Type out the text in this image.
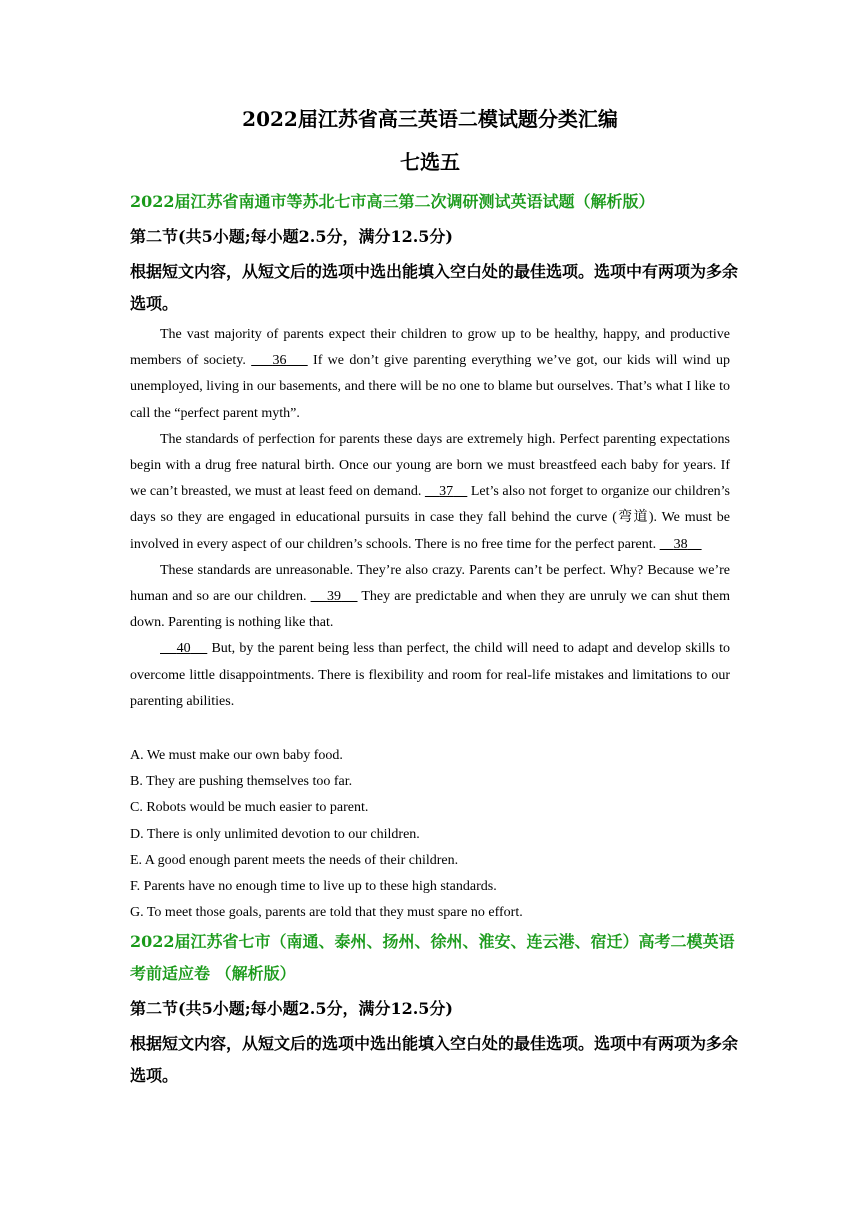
2022届江苏省高三英语二模试题分类汇编
七选五
2022届江苏省南通市等苏北七市高三第二次调研测试英语试题（解析版）
第二节(共5小题;每小题2.5分，满分12.5分)
根据短文内容，从短文后的选项中选出能填入空白处的最佳选项。选项中有两项为多余选项。

The vast majority of parents expect their children to grow up to be healthy, happy, and productive members of society.     36     If we don’t give parenting everything we’ve got, our kids will wind up unemployed, living in our basements, and there will be no one to blame but ourselves. That’s what I like to call the “perfect parent myth”.

The standards of perfection for parents these days are extremely high. Perfect parenting expectations begin with a drug free natural birth. Once our young are born we must breastfeed each baby for years. If we can’t breasted, we must at least feed on demand.     37     Let’s also not forget to organize our children’s days so they are engaged in educational pursuits in case they fall behind the curve (弯道). We must be involved in every aspect of our children’s schools. There is no free time for the perfect parent.     38

These standards are unreasonable. They’re also crazy. Parents can’t be perfect. Why? Because we’re human and so are our children.     39     They are predictable and when they are unruly we can shut them down. Parenting is nothing like that.

40     But, by the parent being less than perfect, the child will need to adapt and develop skills to overcome little disappointments. There is flexibility and room for real-life mistakes and limitations to our parenting abilities.

A. We must make our own baby food.
B. They are pushing themselves too far.
C. Robots would be much easier to parent.
D. There is only unlimited devotion to our children.
E. A good enough parent meets the needs of their children.
F. Parents have no enough time to live up to these high standards.
G. To meet those goals, parents are told that they must spare no effort.
2022届江苏省七市（南通、泰州、扬州、徐州、淮安、连云港、宿迁）高考二模英语考前适应卷 （解析版）
第二节(共5小题;每小题2.5分，满分12.5分)
根据短文内容，从短文后的选项中选出能填入空白处的最佳选项。选项中有两项为多余选项。
